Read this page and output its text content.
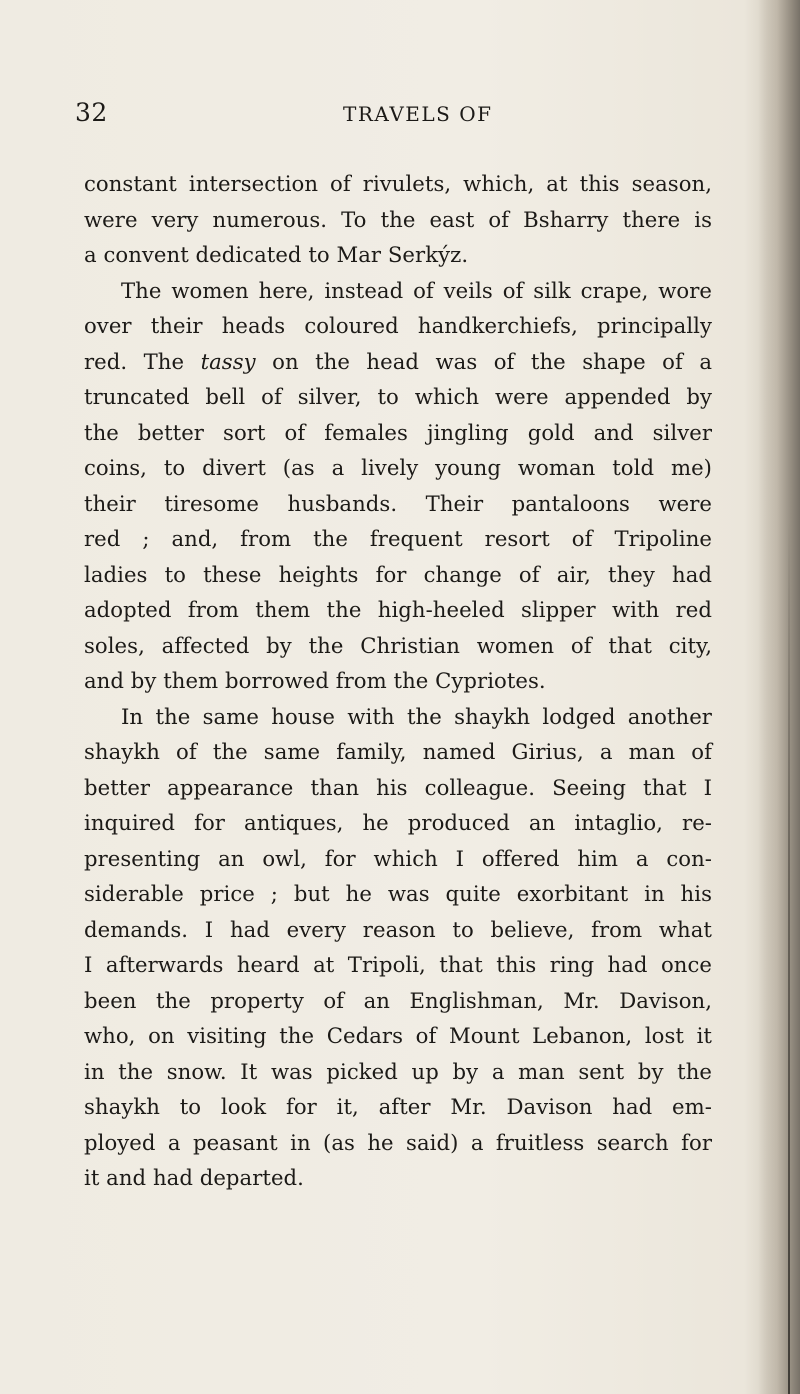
32	TRAVELS OF
constant intersection of rivulets, which, at this season,
were very numerous. To the east of Bsharry there is
a convent dedicated to Mar Serkýz.
The women here, instead of veils of silk crape, wore
over their heads coloured handkerchiefs, principally
red. The tassy on the head was of the shape of a
truncated bell of silver, to which were appended by
the better sort of females jingling gold and silver
coins, to divert (as a lively young woman told me)
their tiresome husbands. Their pantaloons were
red ; and, from the frequent resort of Tripoline
ladies to these heights for change of air, they had
adopted from them the high-heeled slipper with red
soles, affected by the Christian women of that city,
and by them borrowed from the Cypriotes.
In the same house with the shaykh lodged another
shaykh of the same family, named Girius, a man of
better appearance than his colleague. Seeing that I
inquired for antiques, he produced an intaglio, re-
presenting an owl, for which I offered him a con-
siderable price ; but he was quite exorbitant in his
demands. I had every reason to believe, from what
I afterwards heard at Tripoli, that this ring had once
been the property of an Englishman, Mr. Davison,
who, on visiting the Cedars of Mount Lebanon, lost it
in the snow. It was picked up by a man sent by the
shaykh to look for it, after Mr. Davison had em-
ployed a peasant in (as he said) a fruitless search for
it and had departed.
